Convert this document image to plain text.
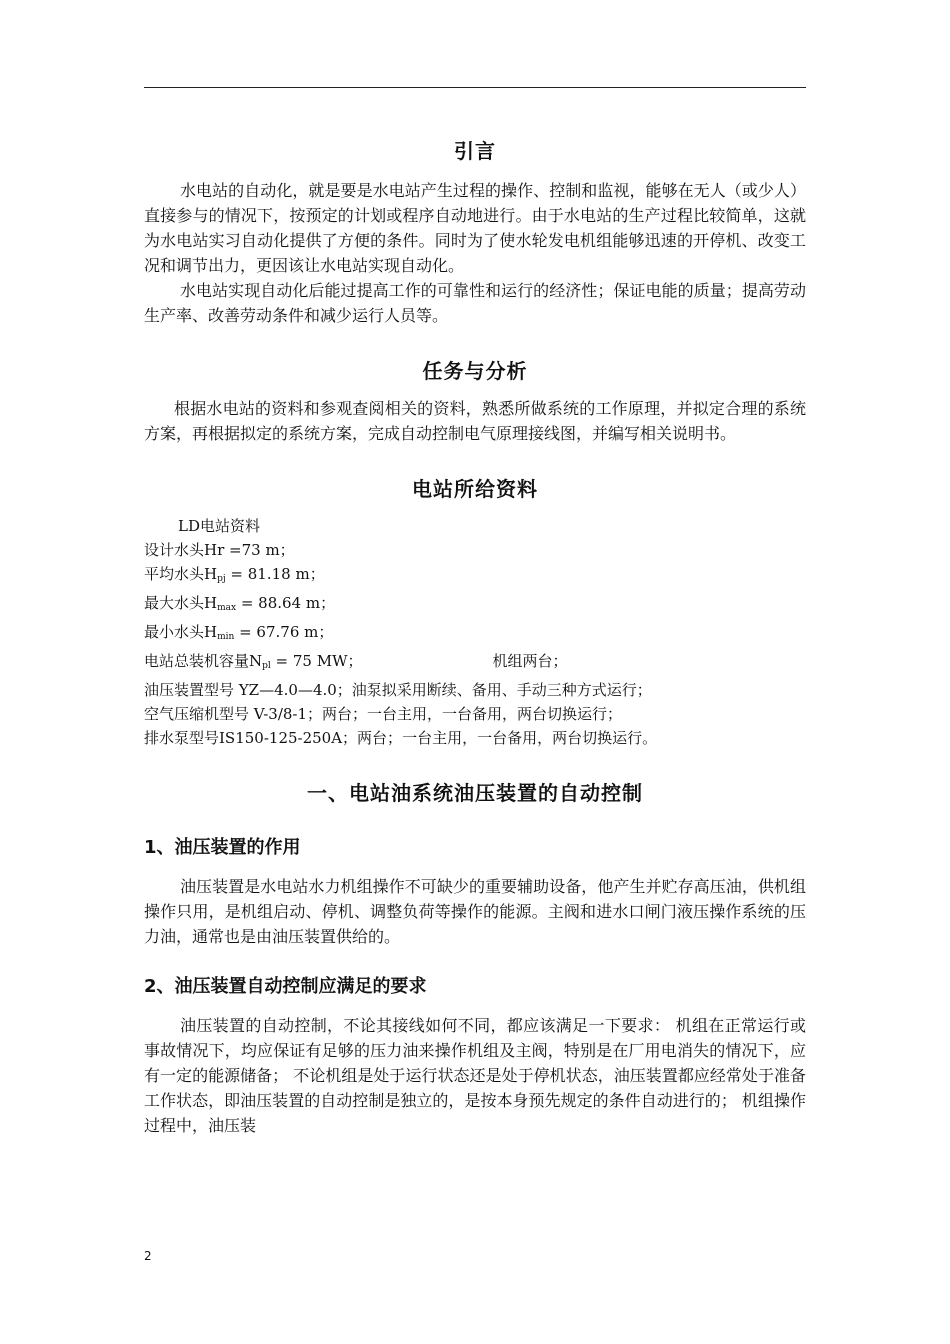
引言

水电站的自动化，就是要是水电站产生过程的操作、控制和监视，能够在无人（或少人）直接参与的情况下，按预定的计划或程序自动地进行。由于水电站的生产过程比较简单，这就为水电站实习自动化提供了方便的条件。同时为了使水轮发电机组能够迅速的开停机、改变工况和调节出力，更因该让水电站实现自动化。

水电站实现自动化后能过提高工作的可靠性和运行的经济性；保证电能的质量；提高劳动生产率、改善劳动条件和减少运行人员等。

任务与分析

根据水电站的资料和参观查阅相关的资料，熟悉所做系统的工作原理，并拟定合理的系统方案，再根据拟定的系统方案，完成自动控制电气原理接线图，并编写相关说明书。

电站所给资料

LD电站资料

设计水头Hr =73 m；

平均水头$H_{pj} = 81.18$ m；

最大水头$H_{max} = 88.64$ m；

最小水头$H_{min} = 67.76$ m；

电站总装机容量$N_{pl} = 75$ MW；	机组两台；

油压装置型号 YZ—4.0—4.0；油泵拟采用断续、备用、手动三种方式运行；

空气压缩机型号 V-3/8-1；两台；一台主用，一台备用，两台切换运行；

排水泵型号IS150-125-250A；两台；一台主用，一台备用，两台切换运行。

一、电站油系统油压装置的自动控制
1、油压装置的作用

油压装置是水电站水力机组操作不可缺少的重要辅助设备，他产生并贮存高压油，供机组操作只用，是机组启动、停机、调整负荷等操作的能源。主阀和进水口闸门液压操作系统的压力油，通常也是由油压装置供给的。

2、油压装置自动控制应满足的要求

油压装置的自动控制，不论其接线如何不同，都应该满足一下要求： 机组在正常运行或事故情况下，均应保证有足够的压力油来操作机组及主阀，特别是在厂用电消失的情况下，应有一定的能源储备； 不论机组是处于运行状态还是处于停机状态，油压装置都应经常处于准备工作状态，即油压装置的自动控制是独立的，是按本身预先规定的条件自动进行的； 机组操作过程中，油压装

2
